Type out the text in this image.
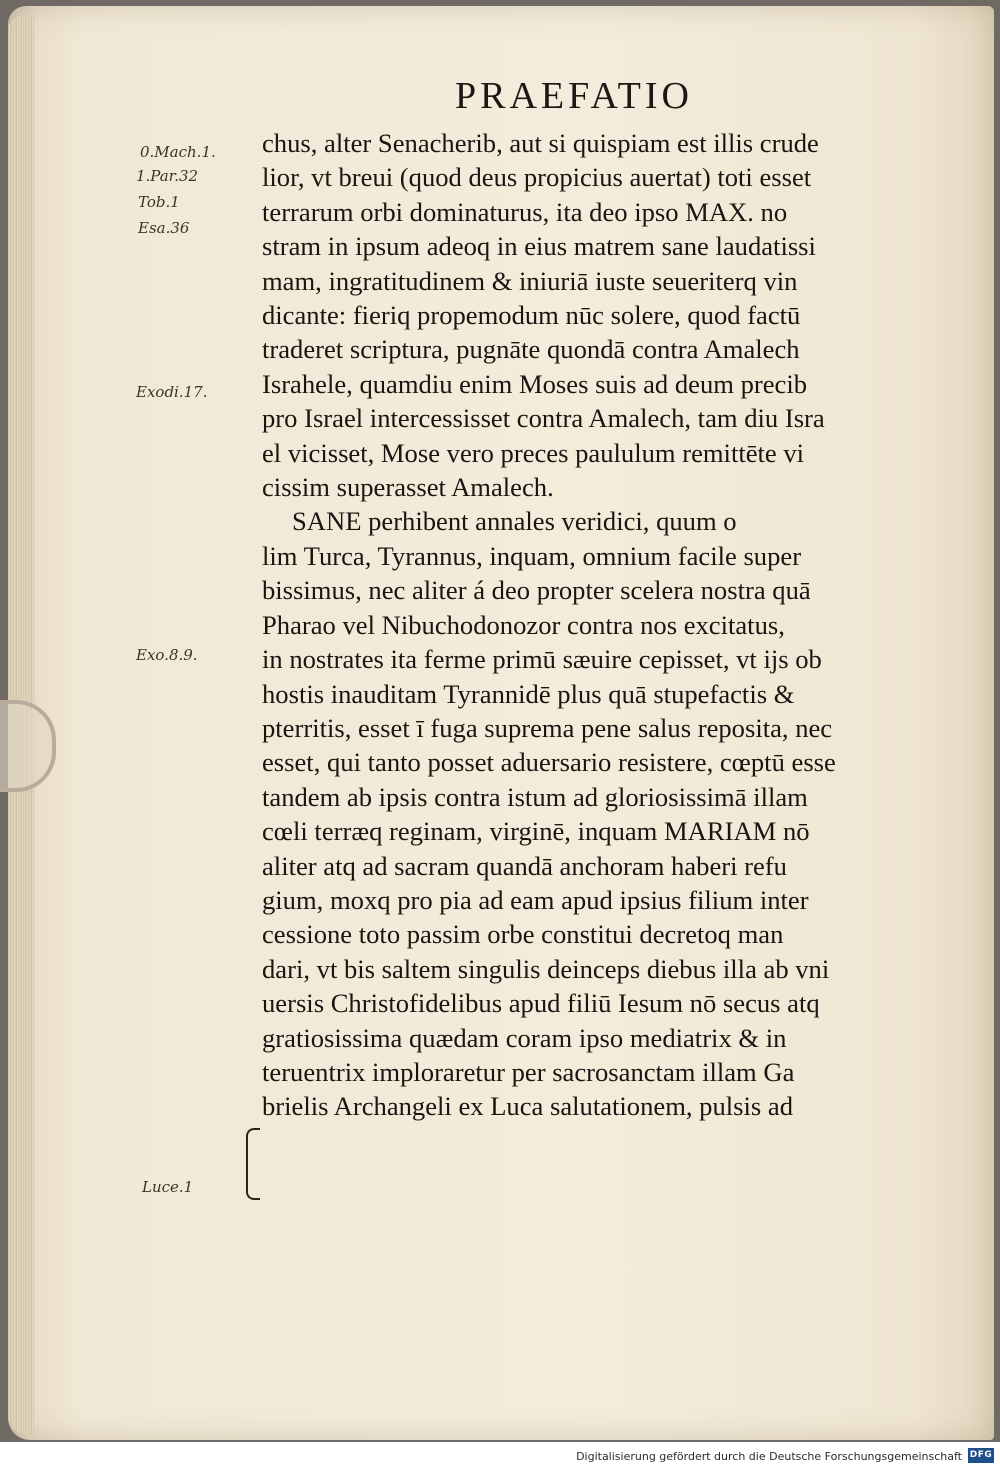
PRAEFATIO
0.Mach.1.
1.Par.32
Tob.1
Esa.36
Exodi.17.
Exo.8.9.
Luce.1
chus, alter Senacherib, aut si quispiam est illis crude
lior, vt breui (quod deus propicius auertat) toti esset
terrarum orbi dominaturus, ita deo ipso MAX. no
stram in ipsum adeoq in eius matrem sane laudatissi
mam, ingratitudinem & iniuriā iuste seueriterq vin
dicante: fieriq propemodum nūc solere, quod factū
traderet scriptura, pugnāte quondā contra Amalech
Israhele, quamdiu enim Moses suis ad deum precib
pro Israel intercessisset contra Amalech, tam diu Isra
el vicisset, Mose vero preces paululum remittēte vi
cissim superasset Amalech.
SANE perhibent annales veridici, quum o
lim Turca, Tyrannus, inquam, omnium facile super
bissimus, nec aliter á deo propter scelera nostra quā
Pharao vel Nibuchodonozor contra nos excitatus,
in nostrates ita ferme primū sæuire cepisset, vt ijs ob
hostis inauditam Tyrannidē plus quā stupefactis &
pterritis, esset ī fuga suprema pene salus reposita, nec
esset, qui tanto posset aduersario resistere, cœptū esse
tandem ab ipsis contra istum ad gloriosissimā illam
cœli terræq reginam, virginē, inquam MARIAM nō
aliter atq ad sacram quandā anchoram haberi refu
gium, moxq pro pia ad eam apud ipsius filium inter
cessione toto passim orbe constitui decretoq man
dari, vt bis saltem singulis deinceps diebus illa ab vni
uersis Christofidelibus apud filiū Iesum nō secus atq
gratiosissima quædam coram ipso mediatrix & in
teruentrix imploraretur per sacrosanctam illam Ga
brielis Archangeli ex Luca salutationem, pulsis ad
Digitalisierung gefördert durch die Deutsche Forschungsgemeinschaft DFG
